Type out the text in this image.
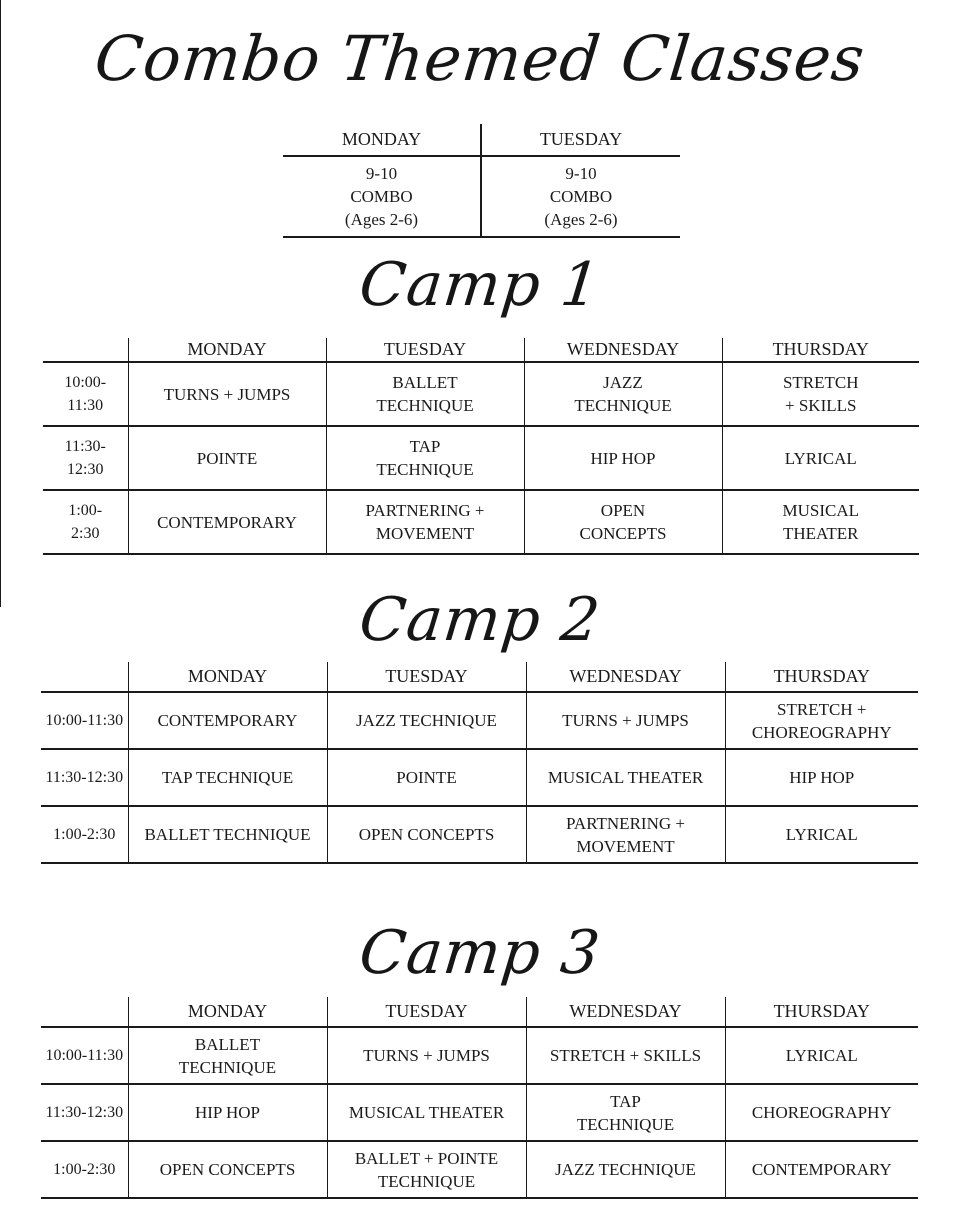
Combo Themed Classes
MONDAY	TUESDAY
9-10
COMBO
(Ages 2-6)	9-10
COMBO
(Ages 2-6)
Camp 1
	MONDAY	TUESDAY	WEDNESDAY	THURSDAY
10:00-
11:30	TURNS + JUMPS	BALLET
TECHNIQUE	JAZZ
TECHNIQUE	STRETCH
+ SKILLS
11:30-
12:30	POINTE	TAP
TECHNIQUE	HIP HOP	LYRICAL
1:00-
2:30	CONTEMPORARY	PARTNERING +
MOVEMENT	OPEN
CONCEPTS	MUSICAL
THEATER
Camp 2
	MONDAY	TUESDAY	WEDNESDAY	THURSDAY
10:00-11:30	CONTEMPORARY	JAZZ TECHNIQUE	TURNS + JUMPS	STRETCH +
CHOREOGRAPHY
11:30-12:30	TAP TECHNIQUE	POINTE	MUSICAL THEATER	HIP HOP
1:00-2:30	BALLET TECHNIQUE	OPEN CONCEPTS	PARTNERING +
MOVEMENT	LYRICAL
Camp 3
	MONDAY	TUESDAY	WEDNESDAY	THURSDAY
10:00-11:30	BALLET
TECHNIQUE	TURNS + JUMPS	STRETCH + SKILLS	LYRICAL
11:30-12:30	HIP HOP	MUSICAL THEATER	TAP
TECHNIQUE	CHOREOGRAPHY
1:00-2:30	OPEN CONCEPTS	BALLET + POINTE
TECHNIQUE	JAZZ TECHNIQUE	CONTEMPORARY
